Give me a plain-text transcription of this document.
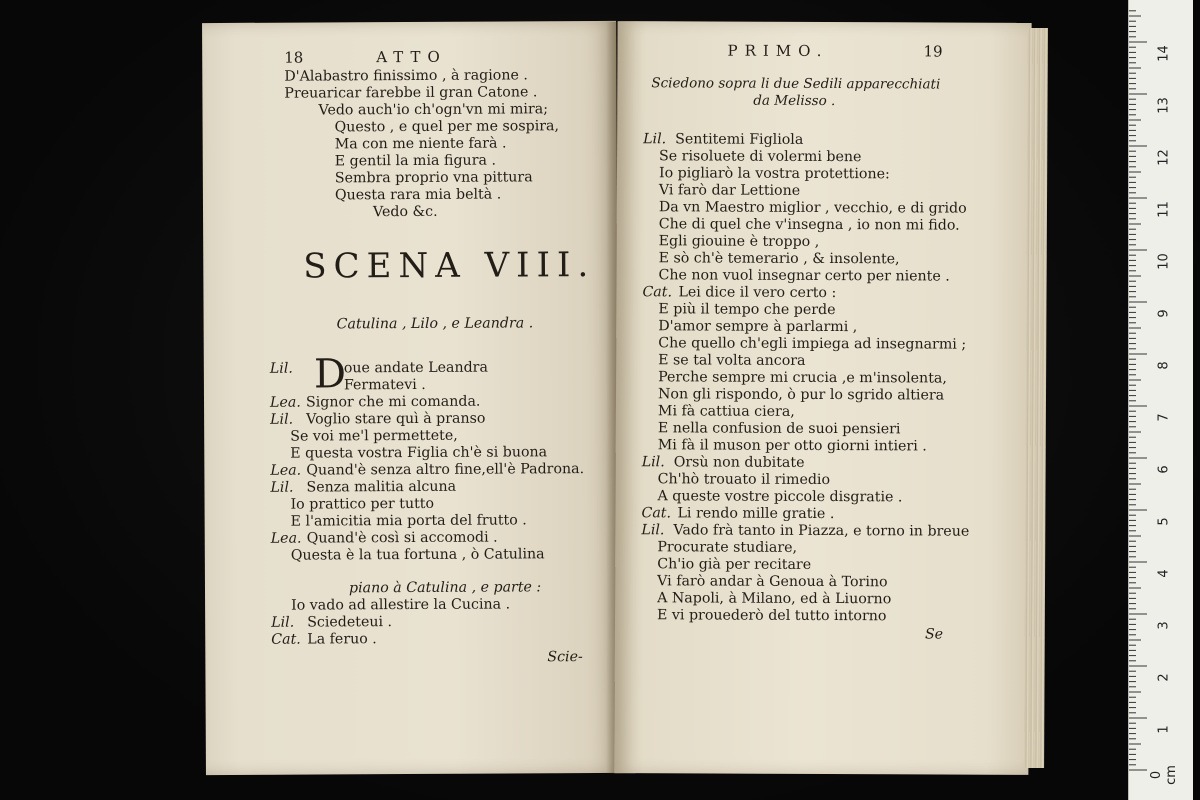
18	ATTO
D'Alabastro finissimo , à ragione .
Preuaricar farebbe il gran Catone .
Vedo auch'io ch'ogn'vn mi mira;
Questo , e quel per me sospira,
Ma con me niente farà .
E gentil la mia figura .
Sembra proprio vna pittura
Questa rara mia beltà .
Vedo &c.
SCENA VIII.
Catulina , Lilo , e Leandra .
D
Lil.	oue andate Leandra
Fermatevi .
Lea. Signor che mi comanda.
Lil. Voglio stare quì à pranso
Se voi me'l permettete,
E questa vostra Figlia ch'è si buona
Lea. Quand'è senza altro fine,ell'è Padrona.
Lil. Senza malitia alcuna
Io prattico per tutto
E l'amicitia mia porta del frutto .
Lea. Quand'è così si accomodi .
Questa è la tua fortuna , ò Catulina
piano à Catulina , e parte :
Io vado ad allestire la Cucina .
Lil. Sciedeteui .
Cat. La feruo .
Scie-
PRIMO.	19
Sciedono sopra li due Sedili apparecchiati
da Melisso .
Lil. Sentitemi Figliola
Se risoluete di volermi bene
Io pigliarò la vostra protettione:
Vi farò dar Lettione
Da vn Maestro miglior , vecchio, e di grido
Che di quel che v'insegna , io non mi fido.
Egli giouine è troppo ,
E sò ch'è temerario , & insolente,
Che non vuol insegnar certo per niente .
Cat. Lei dice il vero certo :
E più il tempo che perde
D'amor sempre à parlarmi ,
Che quello ch'egli impiega ad insegnarmi ;
E se tal volta ancora
Perche sempre mi crucia ,e m'insolenta,
Non gli rispondo, ò pur lo sgrido altiera
Mi fà cattiua ciera,
E nella confusion de suoi pensieri
Mi fà il muson per otto giorni intieri .
Lil. Orsù non dubitate
Ch'hò trouato il rimedio
A queste vostre piccole disgratie .
Cat. Li rendo mille gratie .
Lil. Vado frà tanto in Piazza, e torno in breue
Procurate studiare,
Ch'io già per recitare
Vi farò andar à Genoua à Torino
A Napoli, à Milano, ed à Liuorno
E vi prouederò del tutto intorno
Se
0 cm
1
2
3
4
5
6
7
8
9
10
11
12
13
14
